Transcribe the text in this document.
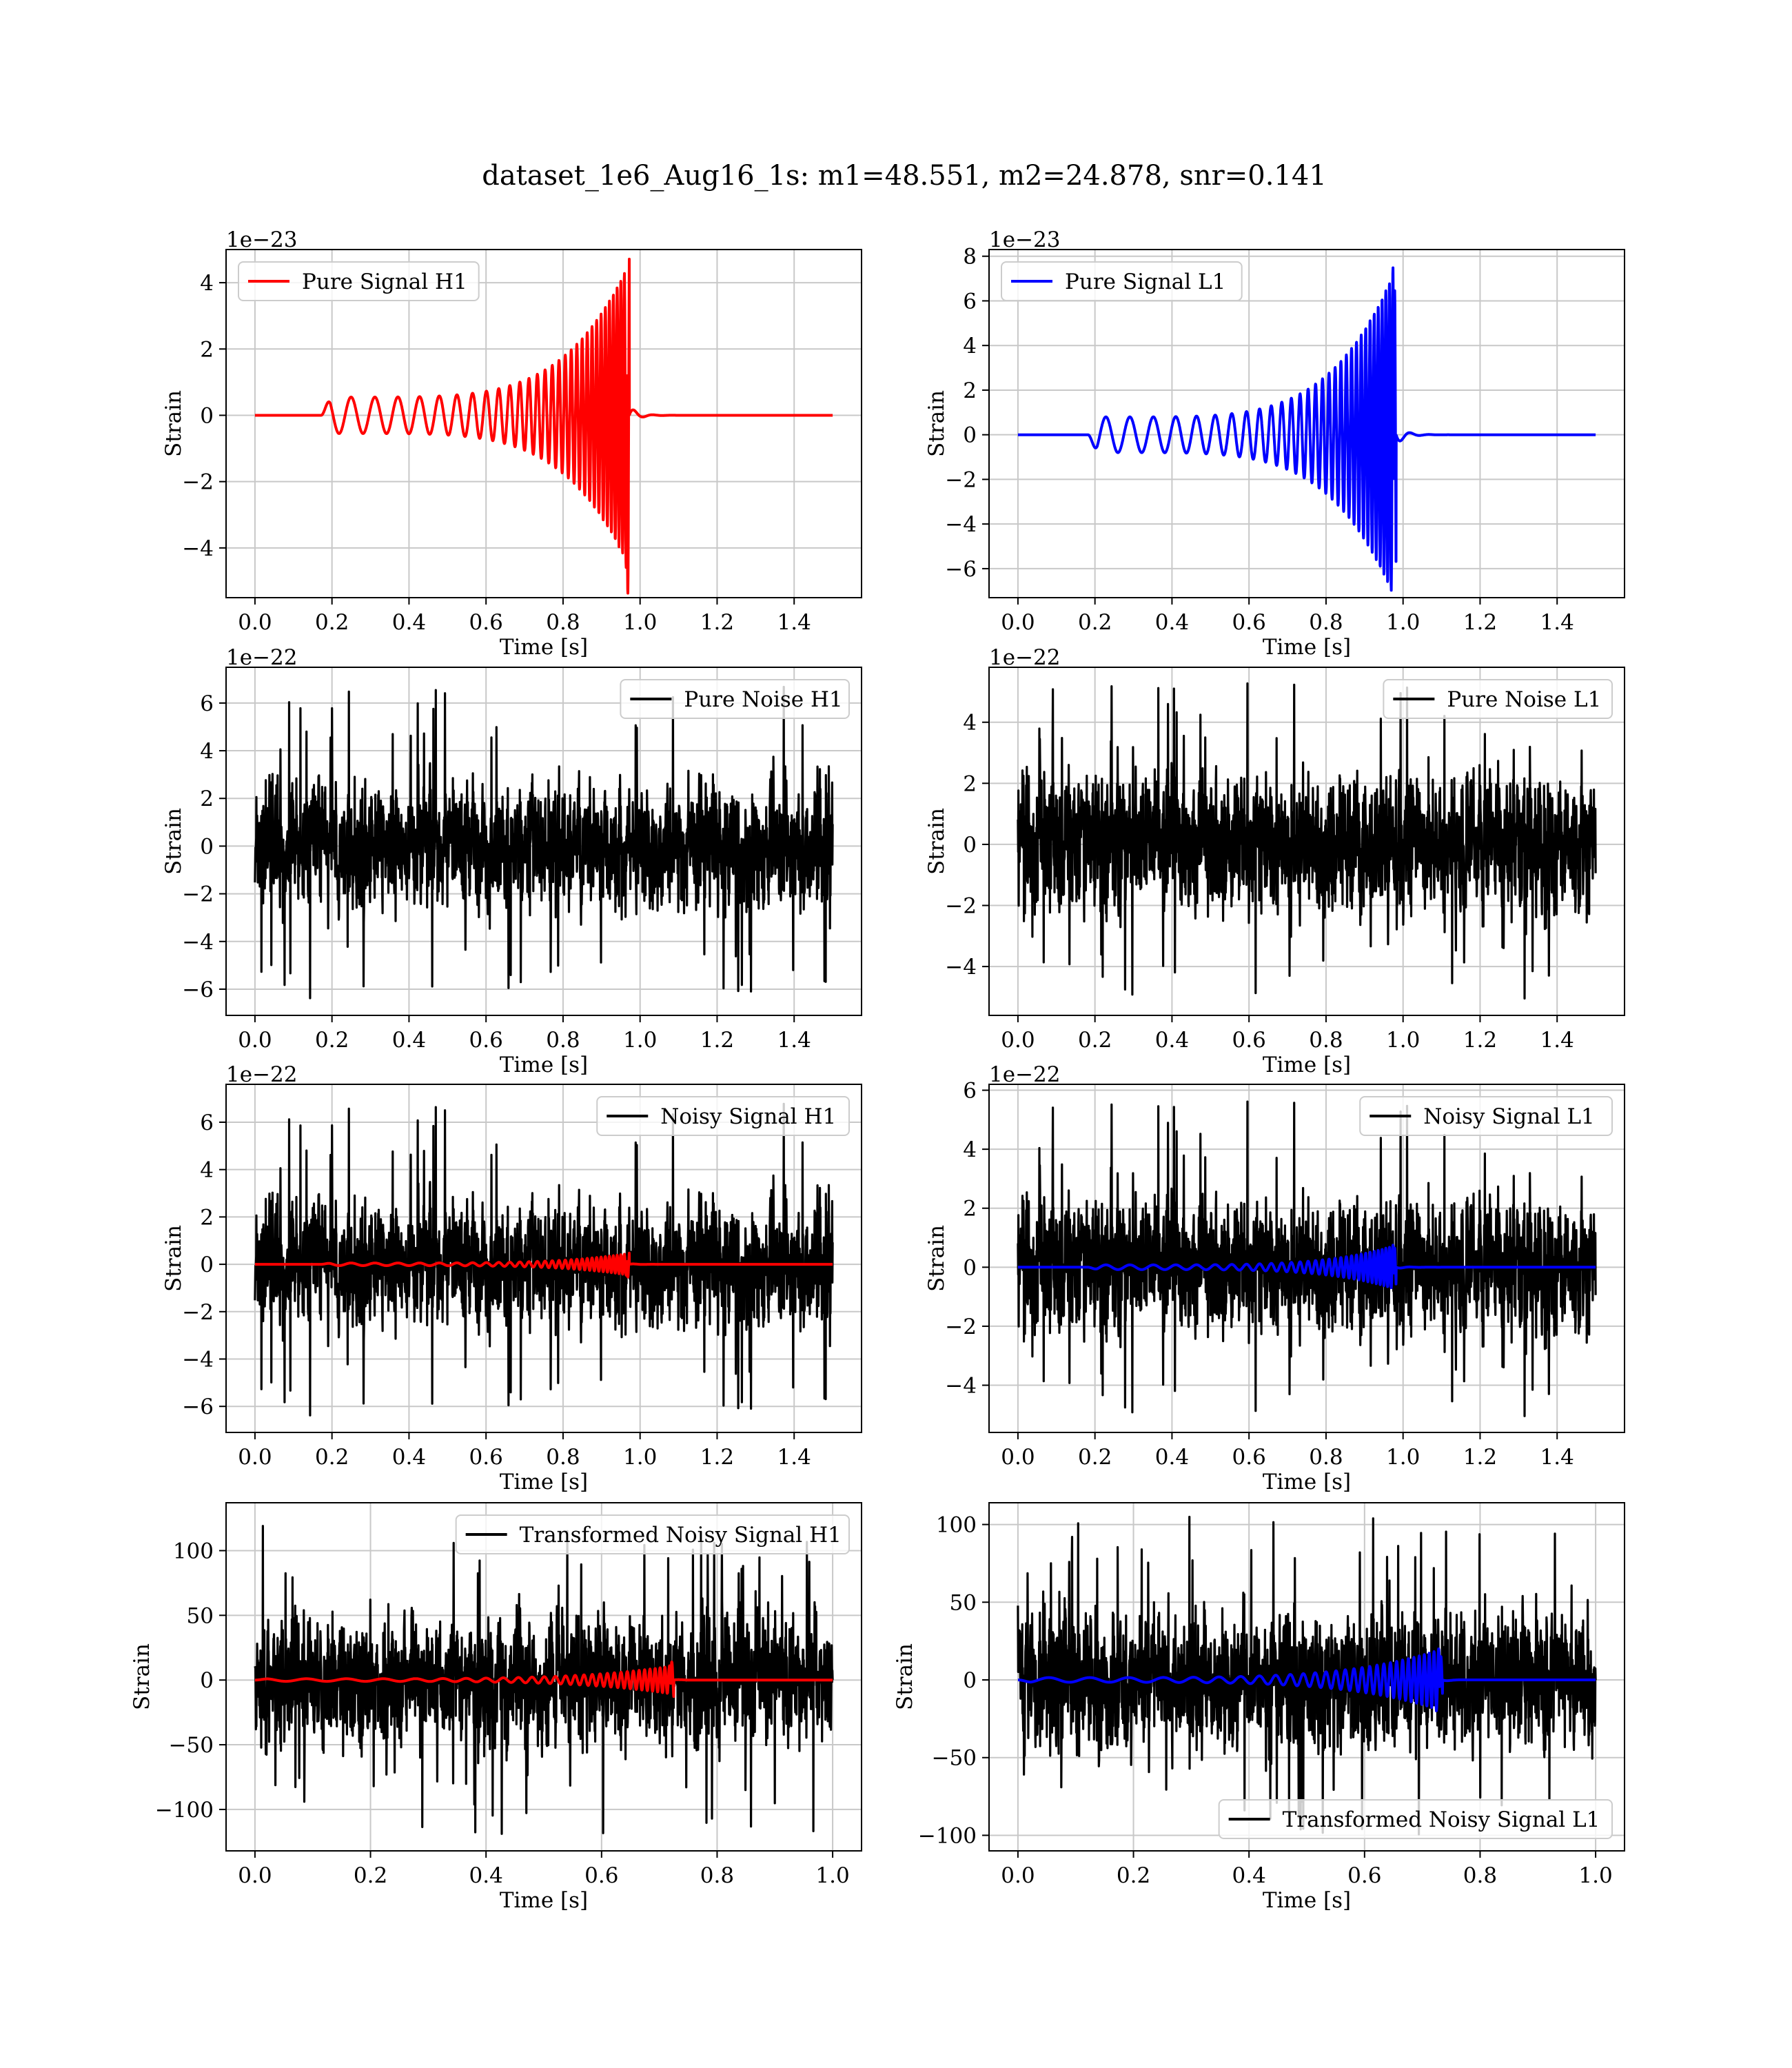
dataset_1e6_Aug16_1s: m1=48.551, m2=24.878, snr=0.141
0.0 0.2 0.4 0.6 0.8 1.0 1.2 1.4
−4
−2
0
2
4
Time [s]
Strain
1e−23
Pure Signal H1
0.0 0.2 0.4 0.6 0.8 1.0 1.2 1.4
−6
−4
−2
0
2
4
6
8
Time [s]
Strain
1e−23
Pure Signal L1
0.0 0.2 0.4 0.6 0.8 1.0 1.2 1.4
−6
−4
−2
0
2
4
6
Time [s]
Strain
1e−22
Pure Noise H1
0.0 0.2 0.4 0.6 0.8 1.0 1.2 1.4
−4
−2
0
2
4
Time [s]
Strain
1e−22
Pure Noise L1
0.0 0.2 0.4 0.6 0.8 1.0 1.2 1.4
−6
−4
−2
0
2
4
6
Time [s]
Strain
1e−22
Noisy Signal H1
0.0 0.2 0.4 0.6 0.8 1.0 1.2 1.4
−4
−2
0
2
4
6
Time [s]
Strain
1e−22
Noisy Signal L1
0.0	0.2	0.4	0.6	0.8	1.0
−100
−50
0
50
100
Time [s]
Strain
Transformed Noisy Signal H1
0.0	0.2	0.4	0.6	0.8	1.0
−100
−50
0
50
100
Time [s]
Strain
Transformed Noisy Signal L1
